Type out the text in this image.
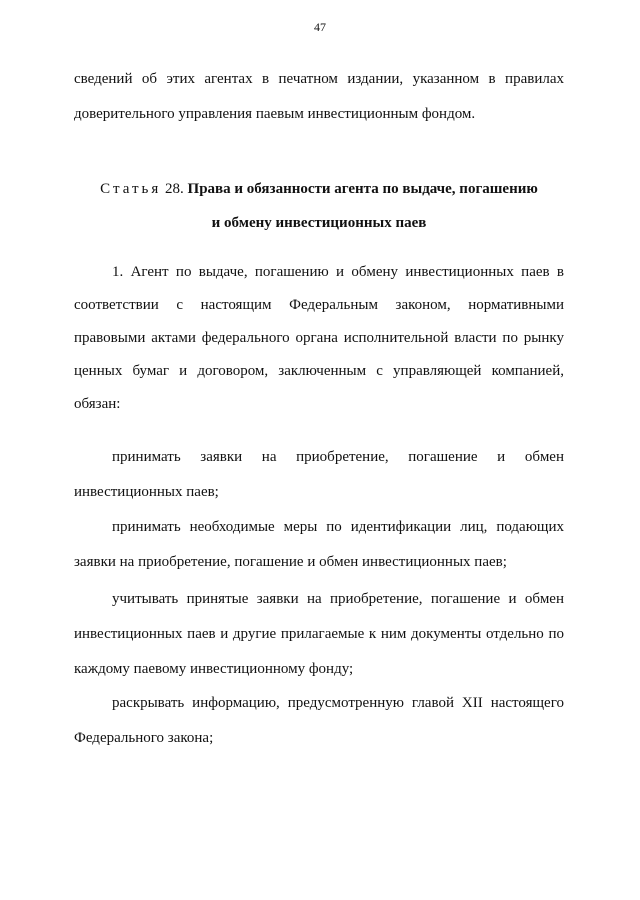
47
сведений об этих агентах в печатном издании, указанном в правилах
доверительного управления паевым инвестиционным фондом.
Статья 28. Права и обязанности агента по выдаче, погашению
и обмену инвестиционных паев
1. Агент по выдаче, погашению и обмену инвестиционных паев в соответствии с настоящим Федеральным законом, нормативными правовыми актами федерального органа исполнительной власти по рынку ценных бумаг и договором, заключенным с управляющей компанией, обязан:
принимать заявки на приобретение, погашение и обмен инвестиционных паев;
принимать необходимые меры по идентификации лиц, подающих заявки на приобретение, погашение и обмен инвестиционных паев;
учитывать принятые заявки на приобретение, погашение и обмен инвестиционных паев и другие прилагаемые к ним документы отдельно по каждому паевому инвестиционному фонду;
раскрывать информацию, предусмотренную главой XII настоящего Федерального закона;
